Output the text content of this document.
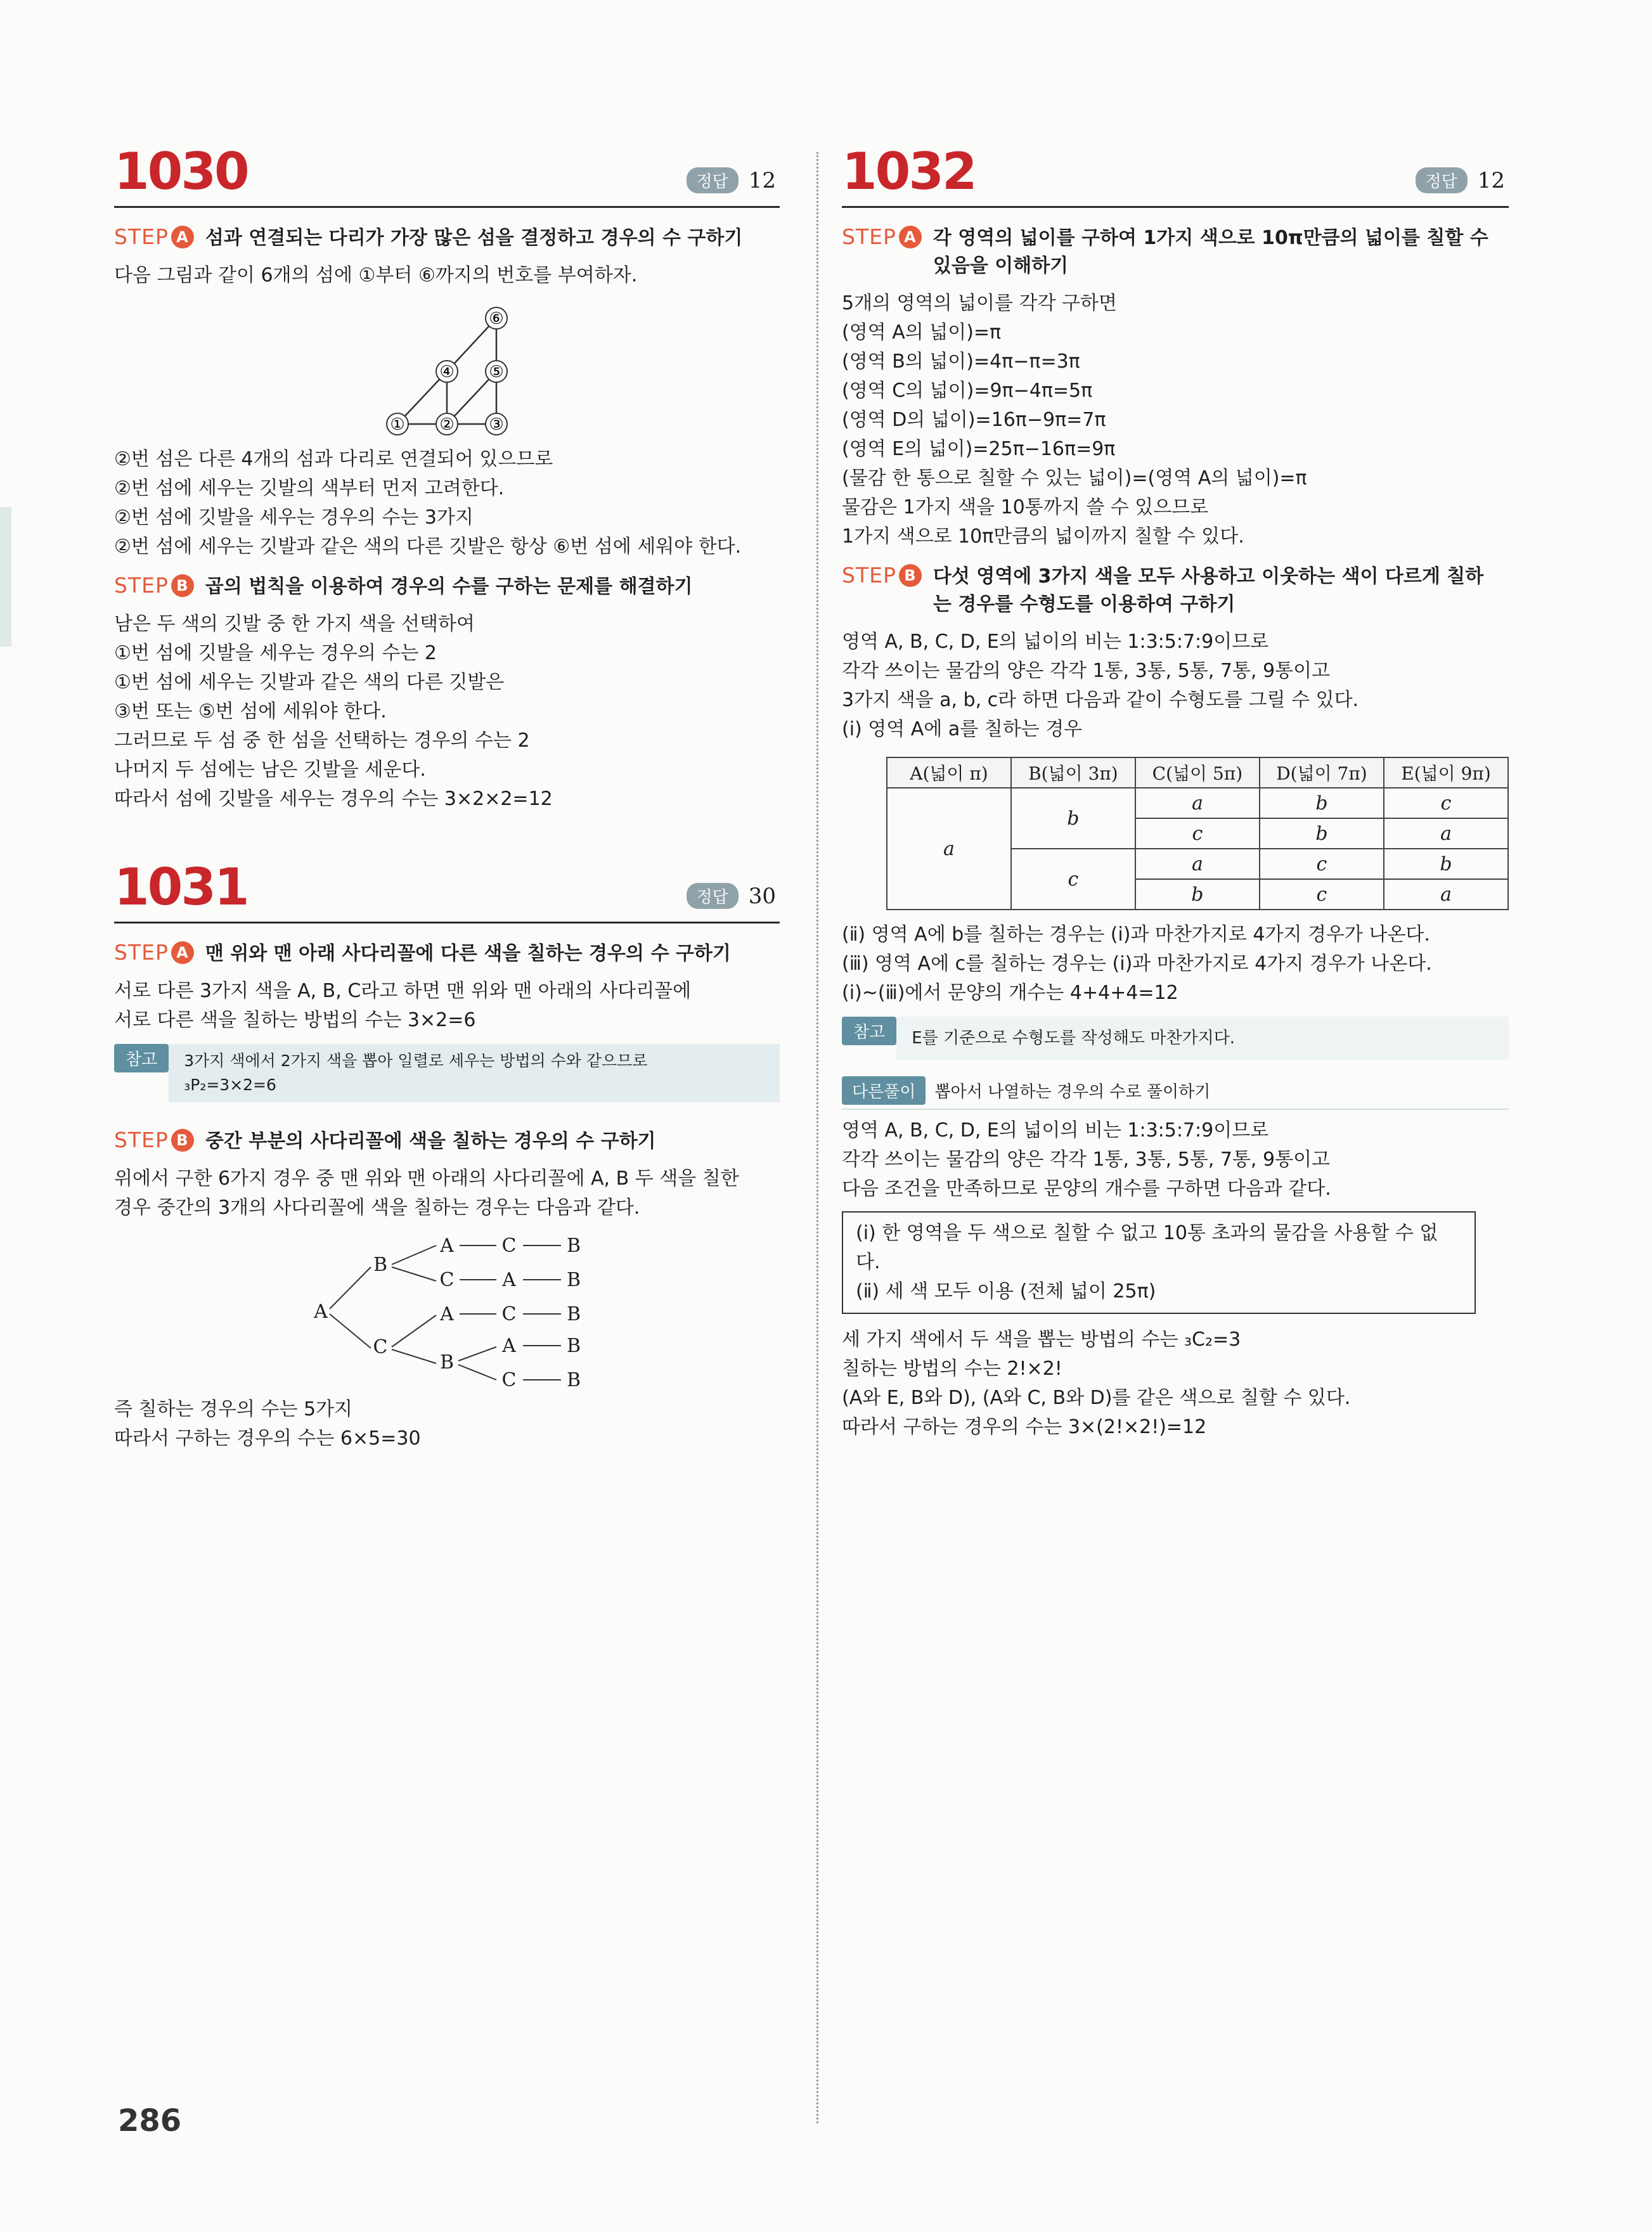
1030	정답 12
STEP A 섬과 연결되는 다리가 가장 많은 섬을 결정하고 경우의 수 구하기
다음 그림과 같이 6개의 섬에 ①부터 ⑥까지의 번호를 부여하자.
① ② ③
④ ⑤
⑥
②번 섬은 다른 4개의 섬과 다리로 연결되어 있으므로
②번 섬에 세우는 깃발의 색부터 먼저 고려한다.
②번 섬에 깃발을 세우는 경우의 수는 3가지
②번 섬에 세우는 깃발과 같은 색의 다른 깃발은 항상 ⑥번 섬에 세워야 한다.
STEP B 곱의 법칙을 이용하여 경우의 수를 구하는 문제를 해결하기
남은 두 색의 깃발 중 한 가지 색을 선택하여
①번 섬에 깃발을 세우는 경우의 수는 2
①번 섬에 세우는 깃발과 같은 색의 다른 깃발은
③번 또는 ⑤번 섬에 세워야 한다.
그러므로 두 섬 중 한 섬을 선택하는 경우의 수는 2
나머지 두 섬에는 남은 깃발을 세운다.
따라서 섬에 깃발을 세우는 경우의 수는 3×2×2=12
1031	정답 30
STEP A 맨 위와 맨 아래 사다리꼴에 다른 색을 칠하는 경우의 수 구하기
서로 다른 3가지 색을 A, B, C라고 하면 맨 위와 맨 아래의 사다리꼴에
서로 다른 색을 칠하는 방법의 수는 3×2=6
참고	3가지 색에서 2가지 색을 뽑아 일렬로 세우는 방법의 수와 같으므로
₃P₂=3×2=6
STEP B 중간 부분의 사다리꼴에 색을 칠하는 경우의 수 구하기
위에서 구한 6가지 경우 중 맨 위와 맨 아래의 사다리꼴에 A, B 두 색을 칠한
경우 중간의 3개의 사다리꼴에 색을 칠하는 경우는 다음과 같다.
A
B
C
A	C	B
C	A	B
A	C	B
B
A	B
C	B
즉 칠하는 경우의 수는 5가지
따라서 구하는 경우의 수는 6×5=30
1032	정답 12
STEP A 각 영역의 넓이를 구하여 1가지 색으로 10π만큼의 넓이를 칠할 수 있음을 이해하기
5개의 영역의 넓이를 각각 구하면
(영역 A의 넓이)=π
(영역 B의 넓이)=4π−π=3π
(영역 C의 넓이)=9π−4π=5π
(영역 D의 넓이)=16π−9π=7π
(영역 E의 넓이)=25π−16π=9π
(물감 한 통으로 칠할 수 있는 넓이)=(영역 A의 넓이)=π
물감은 1가지 색을 10통까지 쓸 수 있으므로
1가지 색으로 10π만큼의 넓이까지 칠할 수 있다.
STEP B 다섯 영역에 3가지 색을 모두 사용하고 이웃하는 색이 다르게 칠하는 경우를 수형도를 이용하여 구하기
영역 A, B, C, D, E의 넓이의 비는 1:3:5:7:9이므로
각각 쓰이는 물감의 양은 각각 1통, 3통, 5통, 7통, 9통이고
3가지 색을 a, b, c라 하면 다음과 같이 수형도를 그릴 수 있다.
(ⅰ) 영역 A에 a를 칠하는 경우
A(넓이 π)	B(넓이 3π)	C(넓이 5π)	D(넓이 7π)	E(넓이 9π)
a	b	a	b	c
		c	b	a
	c	a	c	b
		b	c	a
(ⅱ) 영역 A에 b를 칠하는 경우는 (ⅰ)과 마찬가지로 4가지 경우가 나온다.
(ⅲ) 영역 A에 c를 칠하는 경우는 (ⅰ)과 마찬가지로 4가지 경우가 나온다.
(ⅰ)~(ⅲ)에서 문양의 개수는 4+4+4=12
참고	E를 기준으로 수형도를 작성해도 마찬가지다.
다른풀이	뽑아서 나열하는 경우의 수로 풀이하기
영역 A, B, C, D, E의 넓이의 비는 1:3:5:7:9이므로
각각 쓰이는 물감의 양은 각각 1통, 3통, 5통, 7통, 9통이고
다음 조건을 만족하므로 문양의 개수를 구하면 다음과 같다.
(ⅰ) 한 영역을 두 색으로 칠할 수 없고 10통 초과의 물감을 사용할 수 없다.
(ⅱ) 세 색 모두 이용 (전체 넓이 25π)
세 가지 색에서 두 색을 뽑는 방법의 수는 ₃C₂=3
칠하는 방법의 수는 2!×2!
(A와 E, B와 D), (A와 C, B와 D)를 같은 색으로 칠할 수 있다.
따라서 구하는 경우의 수는 3×(2!×2!)=12
286
